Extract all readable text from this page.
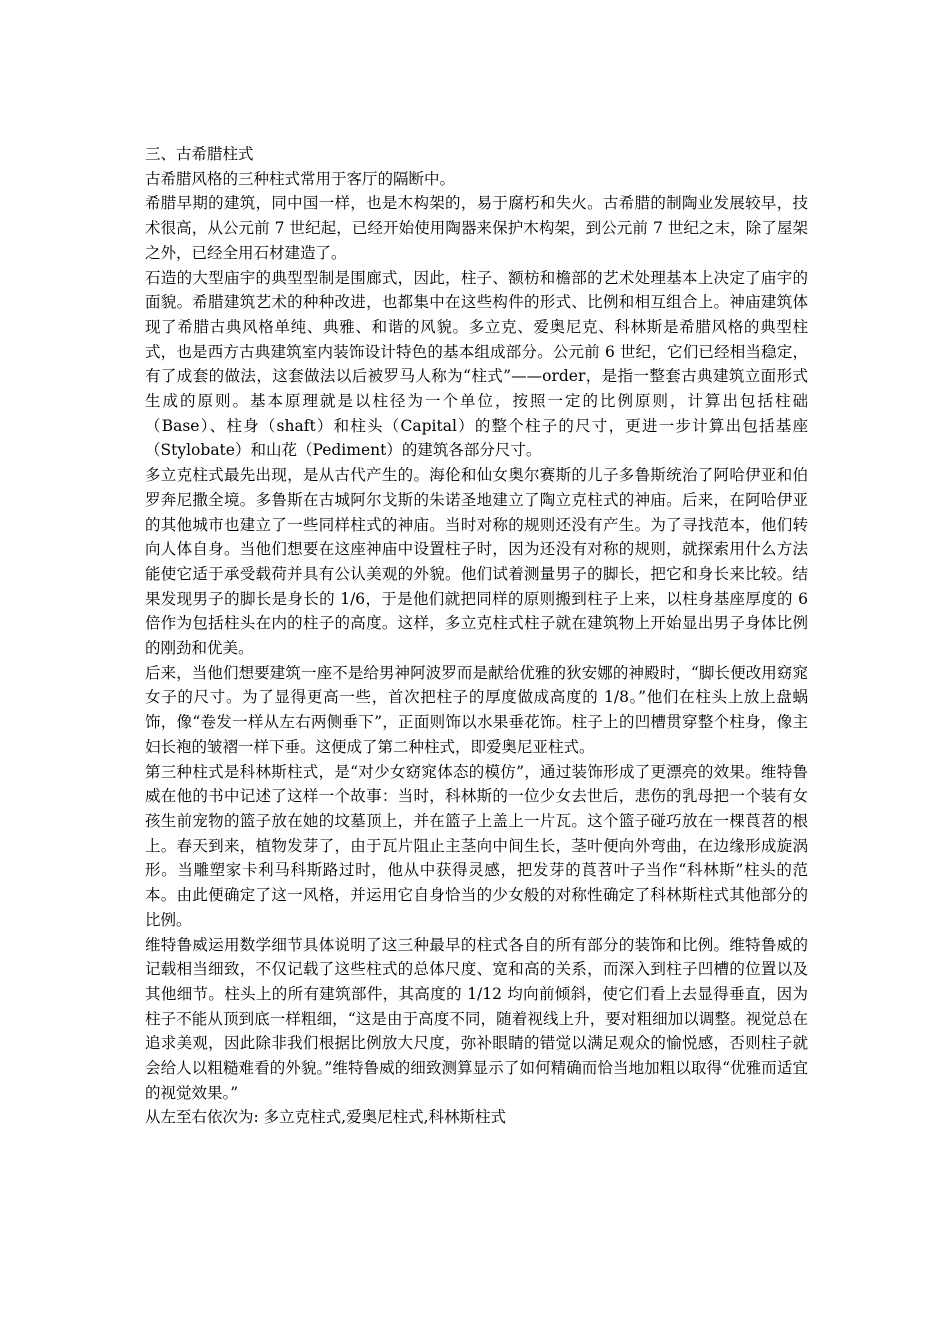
三、古希腊柱式

古希腊风格的三种柱式常用于客厅的隔断中。

希腊早期的建筑，同中国一样，也是木构架的，易于腐朽和失火。古希腊的制陶业发展较早，技术很高，从公元前 7 世纪起，已经开始使用陶器来保护木构架，到公元前 7 世纪之末，除了屋架之外，已经全用石材建造了。

石造的大型庙宇的典型型制是围廊式，因此，柱子、额枋和檐部的艺术处理基本上决定了庙宇的面貌。希腊建筑艺术的种种改进，也都集中在这些构件的形式、比例和相互组合上。神庙建筑体现了希腊古典风格单纯、典雅、和谐的风貌。多立克、爱奥尼克、科林斯是希腊风格的典型柱式，也是西方古典建筑室内装饰设计特色的基本组成部分。公元前 6 世纪，它们已经相当稳定，有了成套的做法，这套做法以后被罗马人称为“柱式”——order，是指一整套古典建筑立面形式生成的原则。基本原理就是以柱径为一个单位，按照一定的比例原则，计算出包括柱础（Base）、柱身（shaft）和柱头（Capital）的整个柱子的尺寸，更进一步计算出包括基座（Stylobate）和山花（Pediment）的建筑各部分尺寸。

多立克柱式最先出现，是从古代产生的。海伦和仙女奥尔赛斯的儿子多鲁斯统治了阿哈伊亚和伯罗奔尼撒全境。多鲁斯在古城阿尔戈斯的朱诺圣地建立了陶立克柱式的神庙。后来，在阿哈伊亚的其他城市也建立了一些同样柱式的神庙。当时对称的规则还没有产生。为了寻找范本，他们转向人体自身。当他们想要在这座神庙中设置柱子时，因为还没有对称的规则，就探索用什么方法能使它适于承受载荷并具有公认美观的外貌。他们试着测量男子的脚长，把它和身长来比较。结果发现男子的脚长是身长的 1/6，于是他们就把同样的原则搬到柱子上来，以柱身基座厚度的 6 倍作为包括柱头在内的柱子的高度。这样，多立克柱式柱子就在建筑物上开始显出男子身体比例的刚劲和优美。

后来，当他们想要建筑一座不是给男神阿波罗而是献给优雅的狄安娜的神殿时，“脚长便改用窈窕女子的尺寸。为了显得更高一些，首次把柱子的厚度做成高度的 1/8。”他们在柱头上放上盘蜗饰，像“卷发一样从左右两侧垂下”，正面则饰以水果垂花饰。柱子上的凹槽贯穿整个柱身，像主妇长袍的皱褶一样下垂。这便成了第二种柱式，即爱奥尼亚柱式。

第三种柱式是科林斯柱式，是“对少女窈窕体态的模仿”，通过装饰形成了更漂亮的效果。维特鲁威在他的书中记述了这样一个故事：当时，科林斯的一位少女去世后，悲伤的乳母把一个装有女孩生前宠物的篮子放在她的坟墓顶上，并在篮子上盖上一片瓦。这个篮子碰巧放在一棵莨苕的根上。春天到来，植物发芽了，由于瓦片阻止主茎向中间生长，茎叶便向外弯曲，在边缘形成旋涡形。当雕塑家卡利马科斯路过时，他从中获得灵感，把发芽的莨苕叶子当作“科林斯”柱头的范本。由此便确定了这一风格，并运用它自身恰当的少女般的对称性确定了科林斯柱式其他部分的比例。

维特鲁威运用数学细节具体说明了这三种最早的柱式各自的所有部分的装饰和比例。维特鲁威的记载相当细致，不仅记载了这些柱式的总体尺度、宽和高的关系，而深入到柱子凹槽的位置以及其他细节。柱头上的所有建筑部件，其高度的 1/12 均向前倾斜，使它们看上去显得垂直，因为柱子不能从顶到底一样粗细，“这是由于高度不同，随着视线上升，要对粗细加以调整。视觉总在追求美观，因此除非我们根据比例放大尺度，弥补眼睛的错觉以满足观众的愉悦感，否则柱子就会给人以粗糙难看的外貌。”维特鲁威的细致测算显示了如何精确而恰当地加粗以取得“优雅而适宜的视觉效果。”

从左至右依次为: 多立克柱式,爱奥尼柱式,科林斯柱式
